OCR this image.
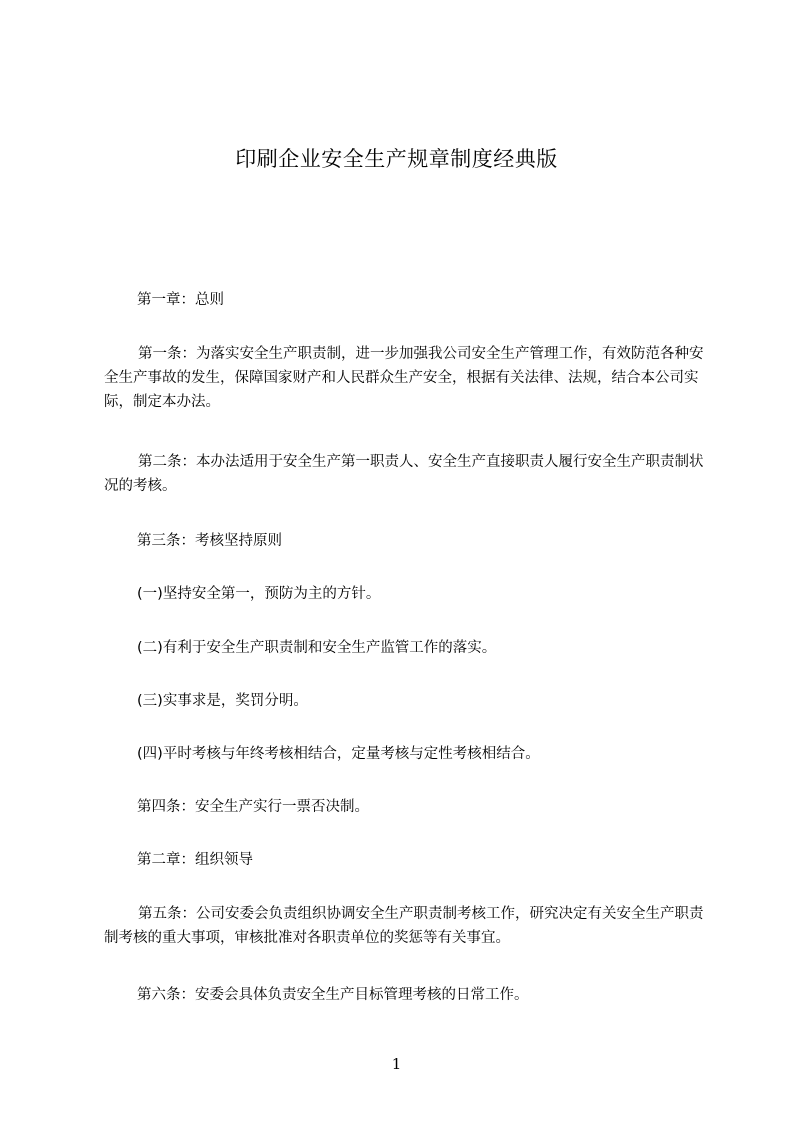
印刷企业安全生产规章制度经典版

第一章：总则

第一条：为落实安全生产职责制，进一步加强我公司安全生产管理工作，有效防范各种安全生产事故的发生，保障国家财产和人民群众生产安全，根据有关法律、法规，结合本公司实际，制定本办法。

第二条：本办法适用于安全生产第一职责人、安全生产直接职责人履行安全生产职责制状况的考核。

第三条：考核坚持原则

(一)坚持安全第一，预防为主的方针。

(二)有利于安全生产职责制和安全生产监管工作的落实。

(三)实事求是，奖罚分明。

(四)平时考核与年终考核相结合，定量考核与定性考核相结合。

第四条：安全生产实行一票否决制。

第二章：组织领导

第五条：公司安委会负责组织协调安全生产职责制考核工作，研究决定有关安全生产职责制考核的重大事项，审核批准对各职责单位的奖惩等有关事宜。

第六条：安委会具体负责安全生产目标管理考核的日常工作。

1
